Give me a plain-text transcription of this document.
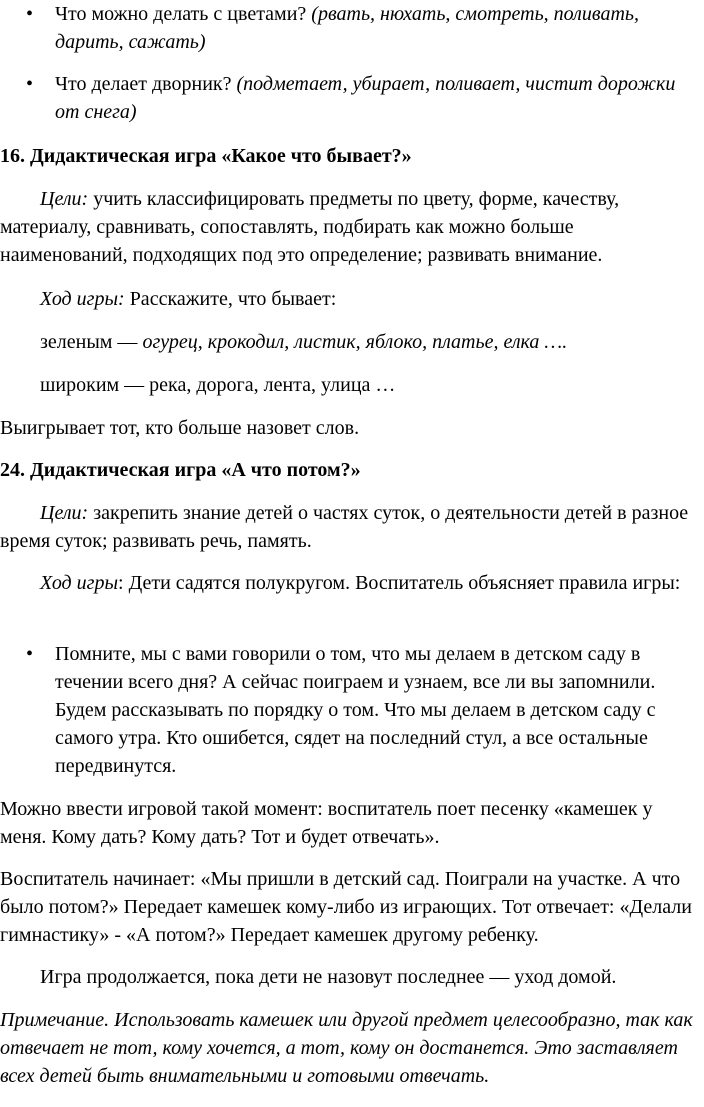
• Что можно делать с цветами? (рвать, нюхать, смотреть, поливать, дарить, сажать)
• Что делает дворник? (подметает, убирает, поливает, чистит дорожки от снега)
16. Дидактическая игра «Какое что бывает?»
Цели: учить классифицировать предметы по цвету, форме, качеству, материалу, сравнивать, сопоставлять, подбирать как можно больше наименований, подходящих под это определение; развивать внимание.
Ход игры: Расскажите, что бывает:
зеленым — огурец, крокодил, листик, яблоко, платье, елка ….
широким — река, дорога, лента, улица …
Выигрывает тот, кто больше назовет слов.
24. Дидактическая игра «А что потом?»
Цели: закрепить знание детей о частях суток, о деятельности детей в разное время суток; развивать речь, память.
Ход игры: Дети садятся полукругом. Воспитатель объясняет правила игры:
• Помните, мы с вами говорили о том, что мы делаем в детском саду в течении всего дня? А сейчас поиграем и узнаем, все ли вы запомнили. Будем рассказывать по порядку о том. Что мы делаем в детском саду с самого утра. Кто ошибется, сядет на последний стул, а все остальные передвинутся.
Можно ввести игровой такой момент: воспитатель поет песенку «камешек у меня. Кому дать? Кому дать? Тот и будет отвечать».
Воспитатель начинает: «Мы пришли в детский сад. Поиграли на участке. А что было потом?» Передает камешек кому-либо из играющих. Тот отвечает: «Делали гимнастику» - «А потом?» Передает камешек другому ребенку.
Игра продолжается, пока дети не назовут последнее — уход домой.
Примечание. Использовать камешек или другой предмет целесообразно, так как отвечает не тот, кому хочется, а тот, кому он достанется. Это заставляет всех детей быть внимательными и готовыми отвечать.
